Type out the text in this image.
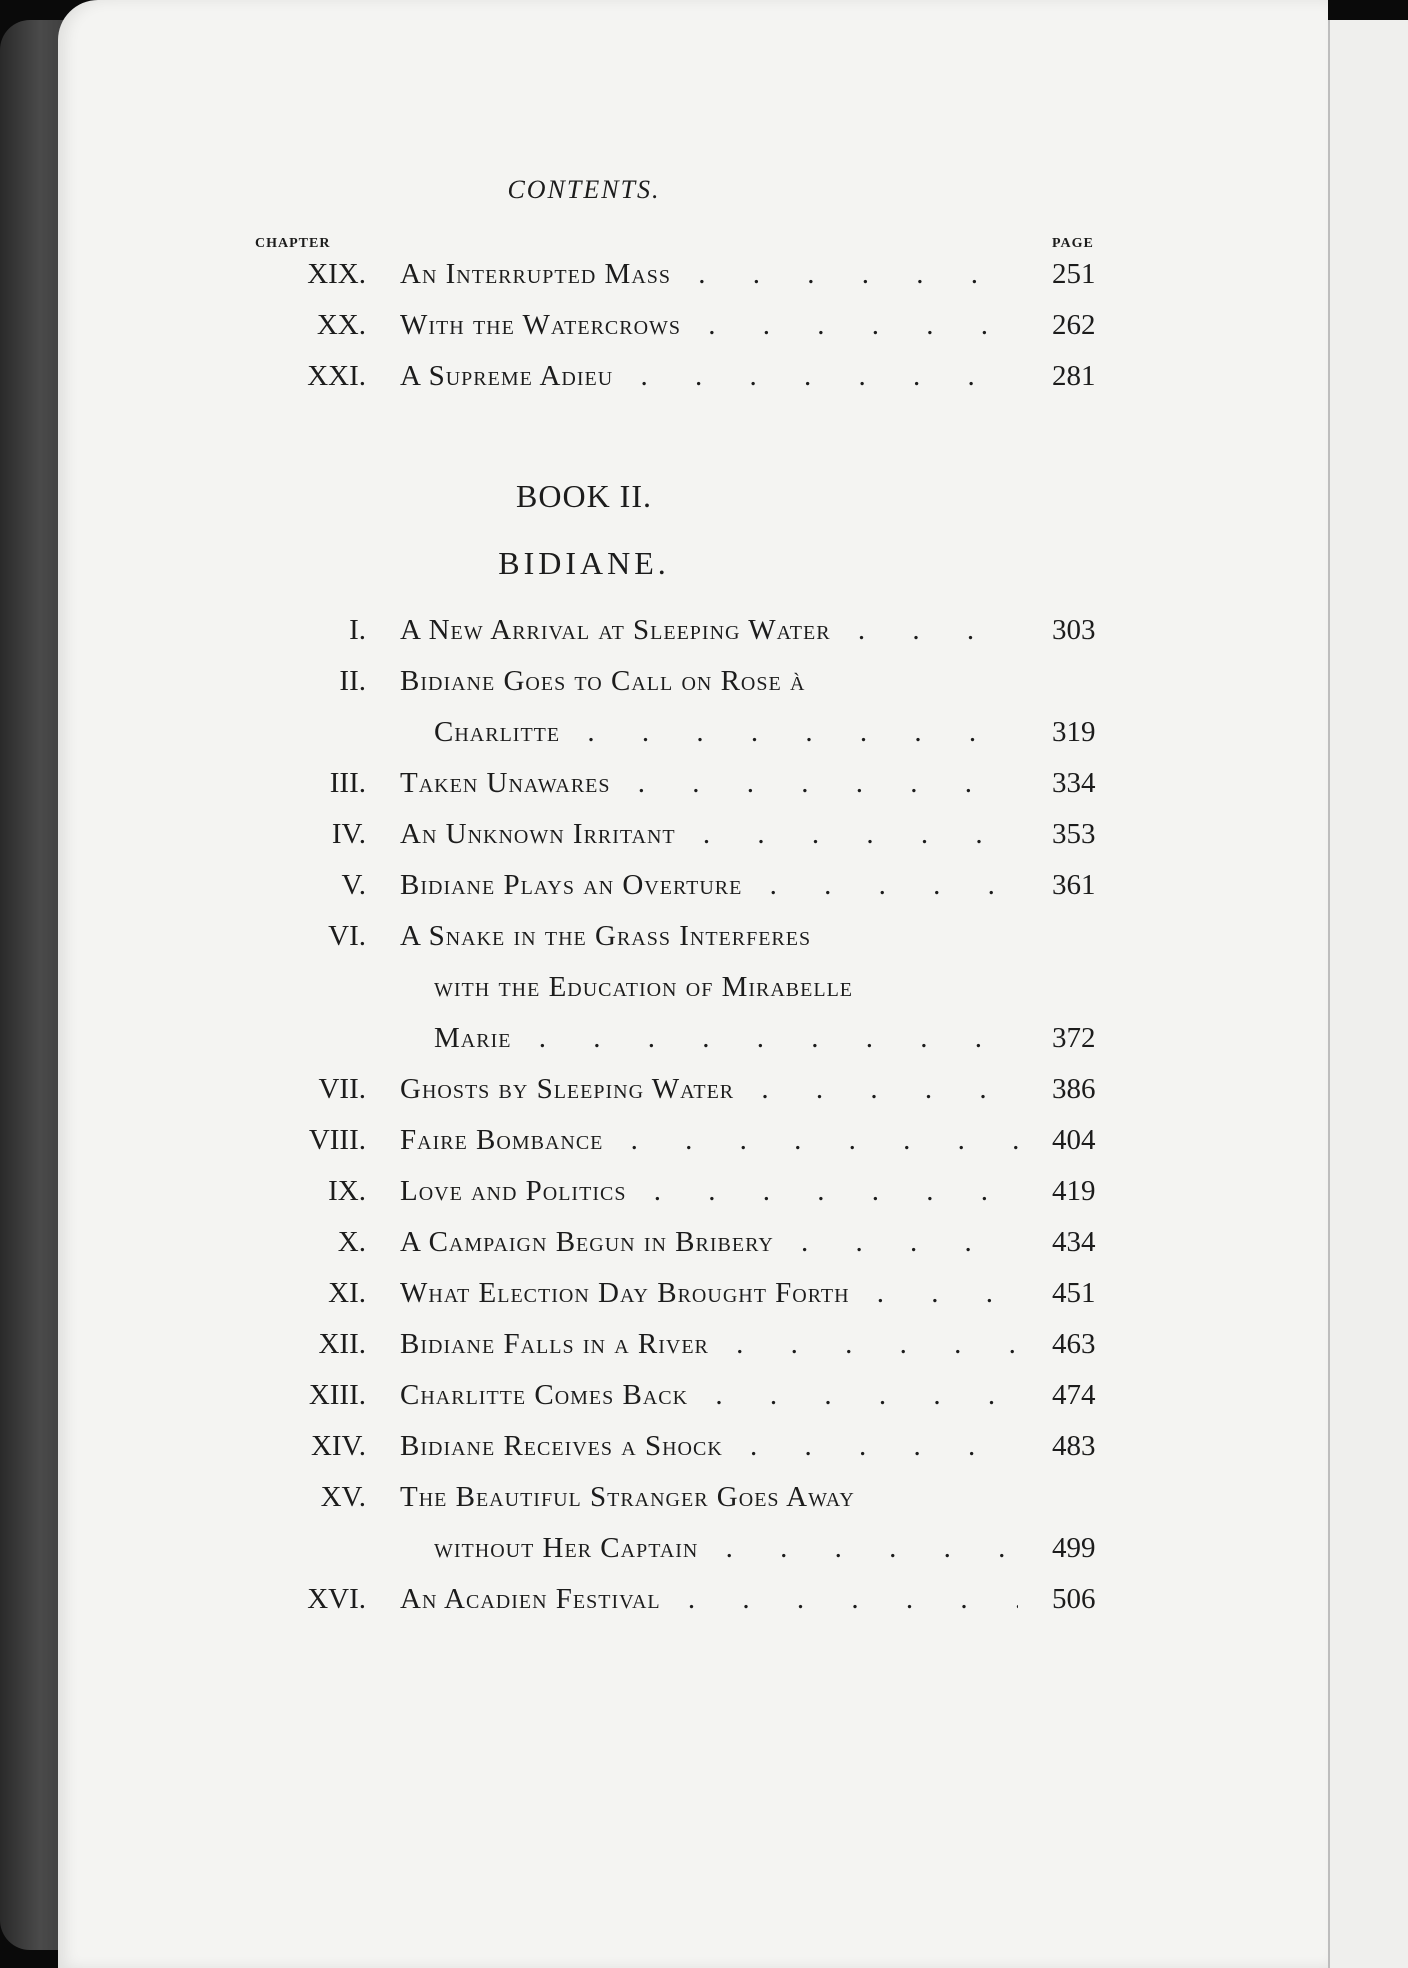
CONTENTS.
CHAPTER	PAGE
XIX. An Interrupted Mass . . .	251
XX. With the Watercrows . . .	262
XXI. A Supreme Adieu . . .	281
BOOK II.
BIDIANE.
I. A New Arrival at Sleeping Water . . .	303
II. Bidiane Goes to Call on Rose à
Charlitte . . .	319
III. Taken Unawares . . .	334
IV. An Unknown Irritant . . .	353
V. Bidiane Plays an Overture . . .	361
VI. A Snake in the Grass Interferes
with the Education of Mirabelle
Marie . . .	372
VII. Ghosts by Sleeping Water . . .	386
VIII. Faire Bombance . . .	404
IX. Love and Politics . . .	419
X. A Campaign Begun in Bribery . . .	434
XI. What Election Day Brought Forth . . .	451
XII. Bidiane Falls in a River . . .	463
XIII. Charlitte Comes Back . . .	474
XIV. Bidiane Receives a Shock . . .	483
XV. The Beautiful Stranger Goes Away
without Her Captain . . .	499
XVI. An Acadien Festival . . .	506
